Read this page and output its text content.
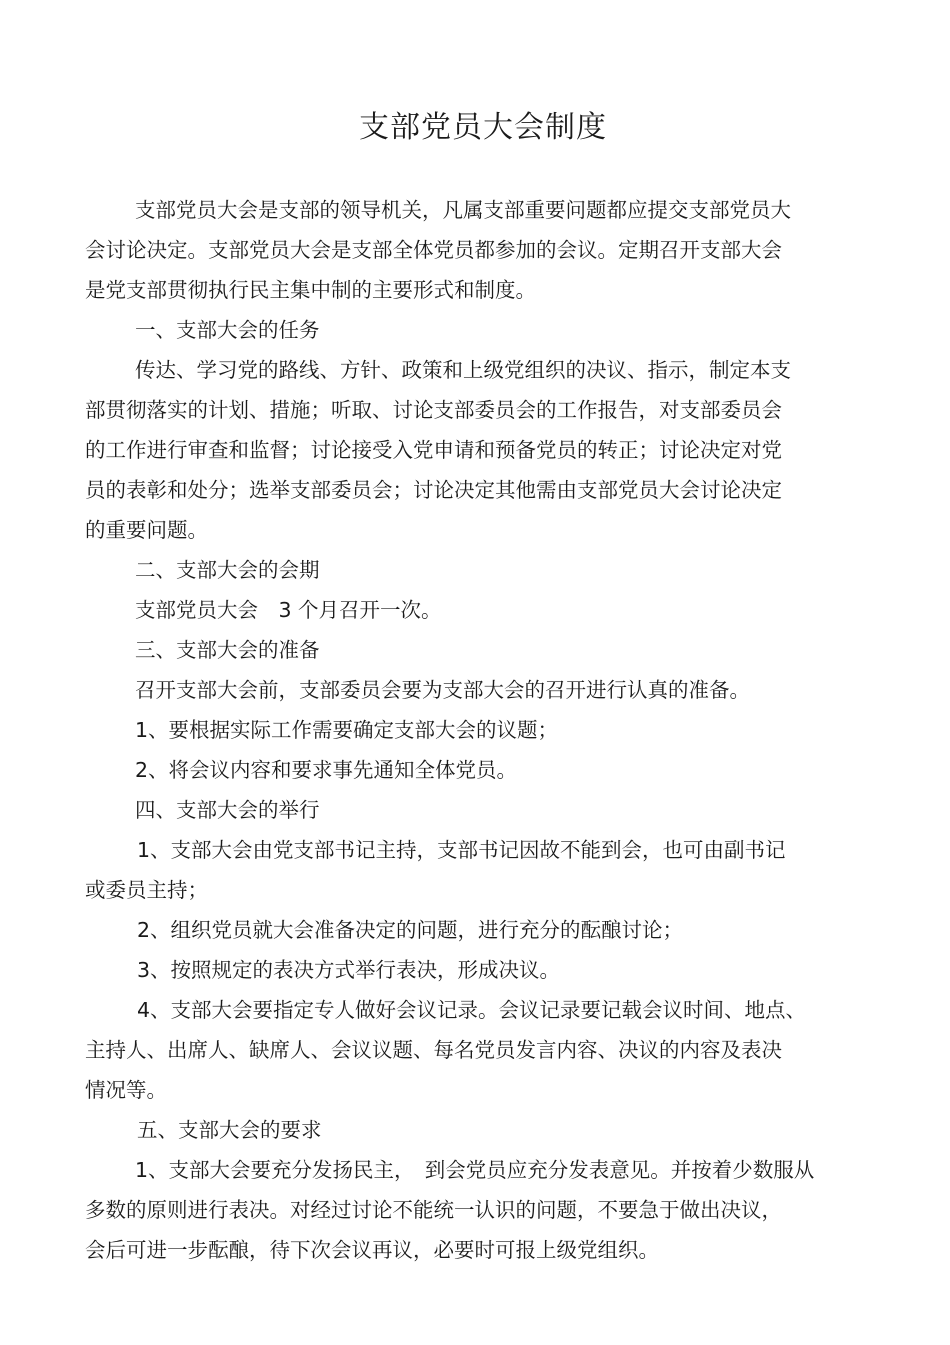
支部党员大会制度

支部党员大会是支部的领导机关，凡属支部重要问题都应提交支部党员大

会讨论决定。支部党员大会是支部全体党员都参加的会议。定期召开支部大会

是党支部贯彻执行民主集中制的主要形式和制度。

一、支部大会的任务

传达、学习党的路线、方针、政策和上级党组织的决议、指示，制定本支

部贯彻落实的计划、措施；听取、讨论支部委员会的工作报告，对支部委员会

的工作进行审查和监督；讨论接受入党申请和预备党员的转正；讨论决定对党

员的表彰和处分；选举支部委员会；讨论决定其他需由支部党员大会讨论决定

的重要问题。

二、支部大会的会期

支部党员大会　3 个月召开一次。

三、支部大会的准备

召开支部大会前，支部委员会要为支部大会的召开进行认真的准备。

1、要根据实际工作需要确定支部大会的议题；

2、将会议内容和要求事先通知全体党员。

四、支部大会的举行

1、支部大会由党支部书记主持，支部书记因故不能到会，也可由副书记

或委员主持；

2、组织党员就大会准备决定的问题，进行充分的酝酿讨论；

3、按照规定的表决方式举行表决，形成决议。

4、支部大会要指定专人做好会议记录。会议记录要记载会议时间、地点、

主持人、出席人、缺席人、会议议题、每名党员发言内容、决议的内容及表决

情况等。

五、支部大会的要求

1、支部大会要充分发扬民主，　到会党员应充分发表意见。并按着少数服从

多数的原则进行表决。对经过讨论不能统一认识的问题，不要急于做出决议，

会后可进一步酝酿，待下次会议再议，必要时可报上级党组织。
